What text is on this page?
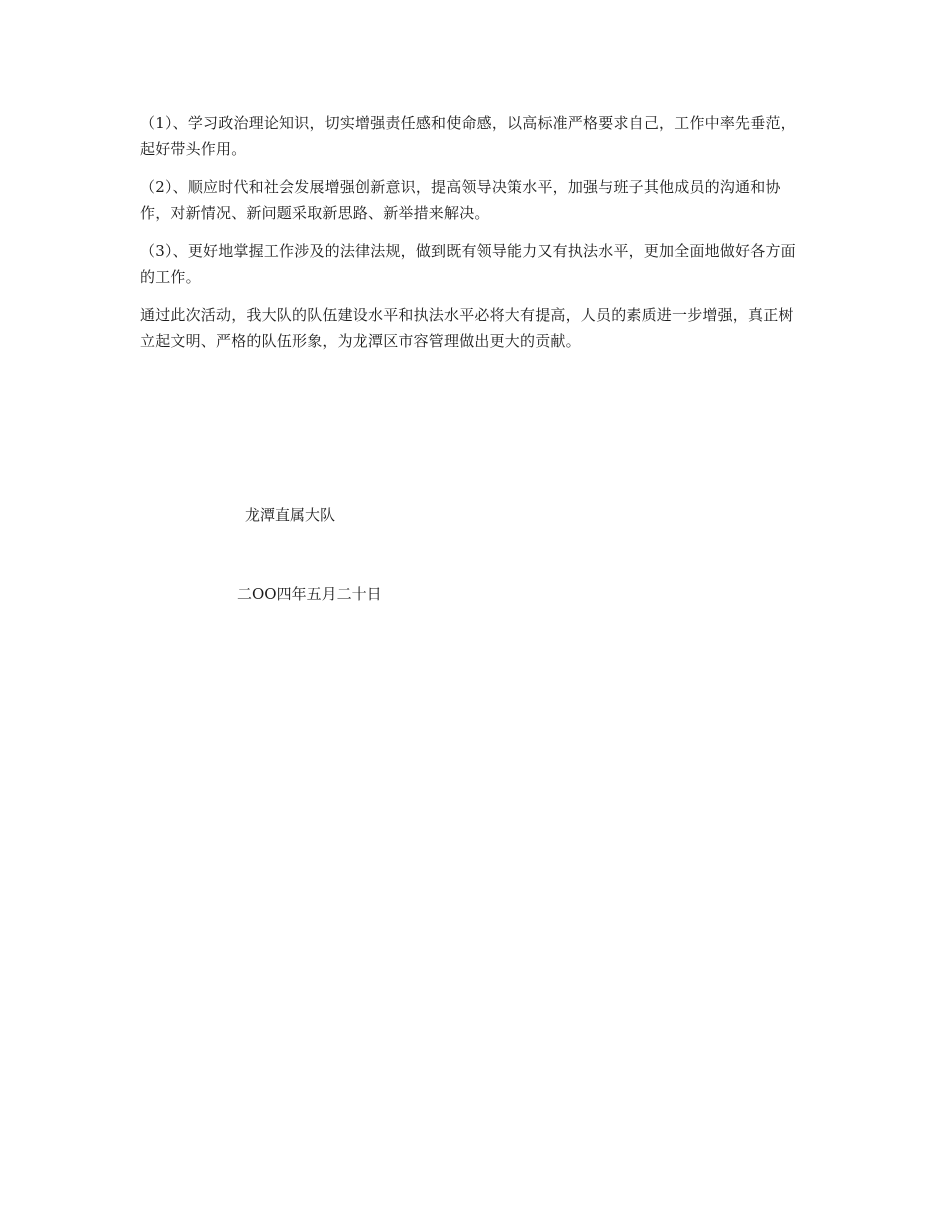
（1）、学习政治理论知识，切实增强责任感和使命感，以高标准严格要求自己，工作中率先垂范，起好带头作用。

（2）、顺应时代和社会发展增强创新意识，提高领导决策水平，加强与班子其他成员的沟通和协作，对新情况、新问题采取新思路、新举措来解决。

（3）、更好地掌握工作涉及的法律法规，做到既有领导能力又有执法水平，更加全面地做好各方面的工作。

通过此次活动，我大队的队伍建设水平和执法水平必将大有提高，人员的素质进一步增强，真正树立起文明、严格的队伍形象，为龙潭区市容管理做出更大的贡献。

龙潭直属大队
二OO四年五月二十日
